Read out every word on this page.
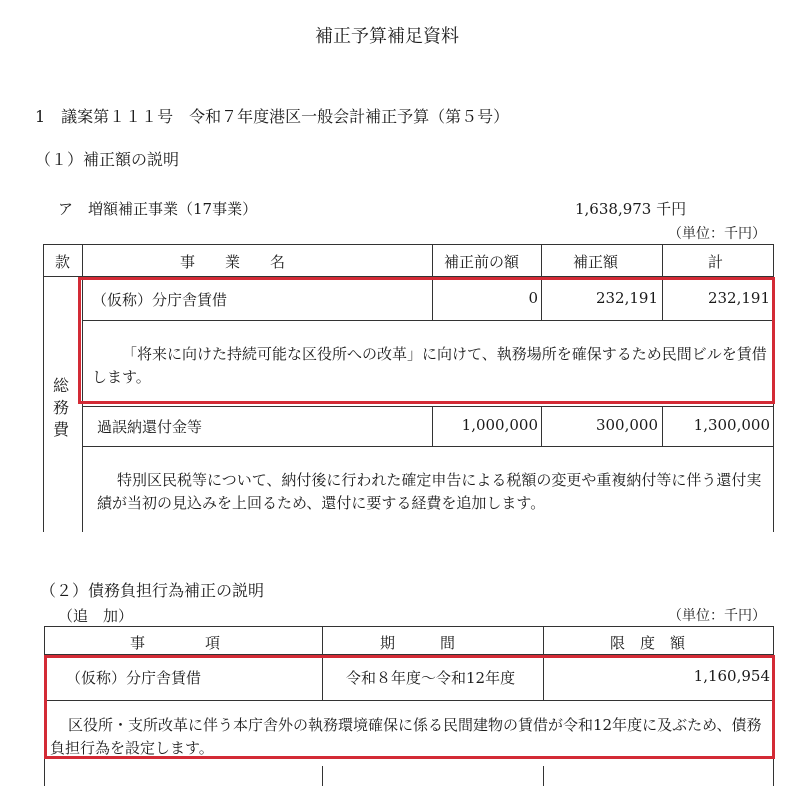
補正予算補足資料
1　議案第１１１号　令和７年度港区一般会計補正予算（第５号）
（１）補正額の説明
ア　増額補正事業（17事業）	1,638,973 千円
（単位：千円）
款	事　　業　　名	補正前の額	補正額	計
総務費
（仮称）分庁舎賃借	0	232,191	232,191
「将来に向けた持続可能な区役所への改革」に向けて、執務場所を確保するため民間ビルを賃借します。
過誤納還付金等	1,000,000	300,000	1,300,000
特別区民税等について、納付後に行われた確定申告による税額の変更や重複納付等に伴う還付実績が当初の見込みを上回るため、還付に要する経費を追加します。
（２）債務負担行為補正の説明
（追　加）	（単位：千円）
事　　　　項	期　　　間	限　度　額
（仮称）分庁舎賃借	令和８年度～令和12年度	1,160,954
区役所・支所改革に伴う本庁舎外の執務環境確保に係る民間建物の賃借が令和12年度に及ぶため、債務負担行為を設定します。
